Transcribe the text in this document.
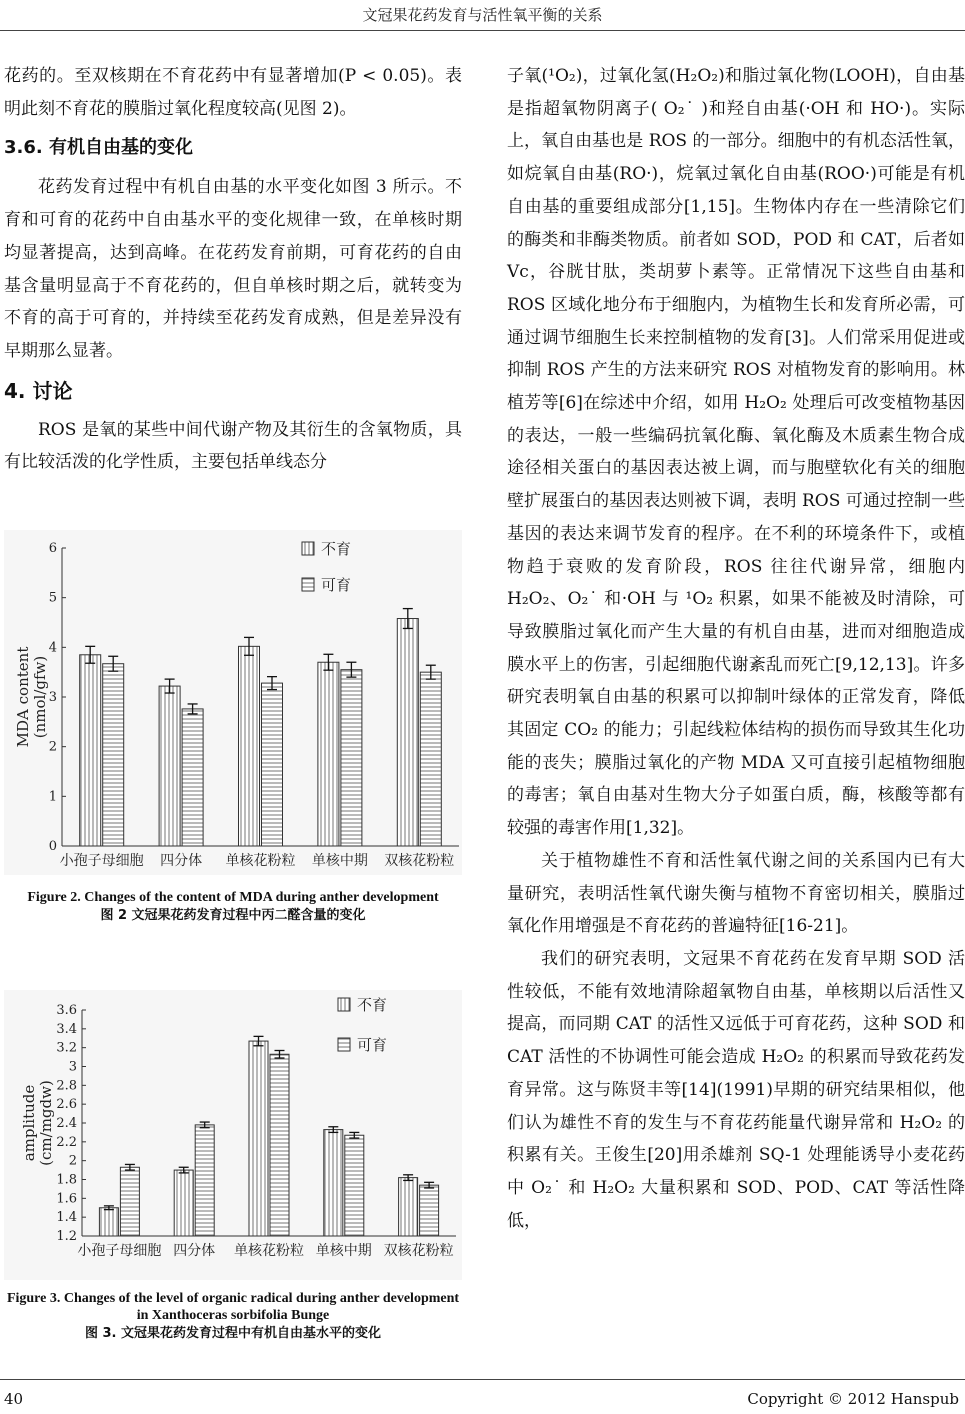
文冠果花药发育与活性氧平衡的关系

花药的。至双核期在不育花药中有显著增加(P < 0.05)。表明此刻不育花的膜脂过氧化程度较高(见图 2)。

3.6. 有机自由基的变化

花药发育过程中有机自由基的水平变化如图 3 所示。不育和可育的花药中自由基水平的变化规律一致，在单核时期均显著提高，达到高峰。在花药发育前期，可育花药的自由基含量明显高于不育花药的，但自单核时期之后，就转变为不育的高于可育的，并持续至花药发育成熟，但是差异没有早期那么显著。

4. 讨论

ROS 是氧的某些中间代谢产物及其衍生的含氧物质，具有比较活泼的化学性质，主要包括单线态分

0
1
2
3
4
5
6
MDA content (nmol/gfw)
小孢子母细胞 四分体 单核花粉粒 单核中期 双核花粉粒
不育
可育
Figure 2. Changes of the content of MDA during anther development
图 2 文冠果花药发育过程中丙二醛含量的变化
1.2
1.4
1.6
1.8
2
2.2
2.4
2.6
2.8
3
3.2
3.4
3.6
amplitude (cm/mgdw)
小孢子母细胞 四分体 单核花粉粒 单核中期 双核花粉粒
不育
可育
Figure 3. Changes of the level of organic radical during anther development in Xanthoceras sorbifolia Bunge
图 3. 文冠果花药发育过程中有机自由基水平的变化

子氧(¹O₂)，过氧化氢(H₂O₂)和脂过氧化物(LOOH)，自由基是指超氧物阴离子( O₂˙ )和羟自由基(·OH 和 HO·)。实际上，氧自由基也是 ROS 的一部分。细胞中的有机态活性氧，如烷氧自由基(RO·)，烷氧过氧化自由基(ROO·)可能是有机自由基的重要组成部分[1,15]。生物体内存在一些清除它们的酶类和非酶类物质。前者如 SOD，POD 和 CAT，后者如 Vc，谷胱甘肽，类胡萝卜素等。正常情况下这些自由基和 ROS 区域化地分布于细胞内，为植物生长和发育所必需，可通过调节细胞生长来控制植物的发育[3]。人们常采用促进或抑制 ROS 产生的方法来研究 ROS 对植物发育的影响用。林植芳等[6]在综述中介绍，如用 H₂O₂ 处理后可改变植物基因的表达，一般一些编码抗氧化酶、氧化酶及木质素生物合成途径相关蛋白的基因表达被上调，而与胞壁软化有关的细胞壁扩展蛋白的基因表达则被下调，表明 ROS 可通过控制一些基因的表达来调节发育的程序。在不利的环境条件下，或植物趋于衰败的发育阶段，ROS 往往代谢异常，细胞内 H₂O₂、O₂˙ 和·OH 与 ¹O₂ 积累，如果不能被及时清除，可导致膜脂过氧化而产生大量的有机自由基，进而对细胞造成膜水平上的伤害，引起细胞代谢紊乱而死亡[9,12,13]。许多研究表明氧自由基的积累可以抑制叶绿体的正常发育，降低其固定 CO₂ 的能力；引起线粒体结构的损伤而导致其生化功能的丧失；膜脂过氧化的产物 MDA 又可直接引起植物细胞的毒害；氧自由基对生物大分子如蛋白质，酶，核酸等都有较强的毒害作用[1,32]。

关于植物雄性不育和活性氧代谢之间的关系国内已有大量研究，表明活性氧代谢失衡与植物不育密切相关，膜脂过氧化作用增强是不育花药的普遍特征[16-21]。

我们的研究表明，文冠果不育花药在发育早期 SOD 活性较低，不能有效地清除超氧物自由基，单核期以后活性又提高，而同期 CAT 的活性又远低于可育花药，这种 SOD 和 CAT 活性的不协调性可能会造成 H₂O₂ 的积累而导致花药发育异常。这与陈贤丰等[14](1991)早期的研究结果相似，他们认为雄性不育的发生与不育花药能量代谢异常和 H₂O₂ 的积累有关。王俊生[20]用杀雄剂 SQ-1 处理能诱导小麦花药中 O₂˙ 和 H₂O₂ 大量积累和 SOD、POD、CAT 等活性降低，

40	Copyright © 2012 Hanspub
